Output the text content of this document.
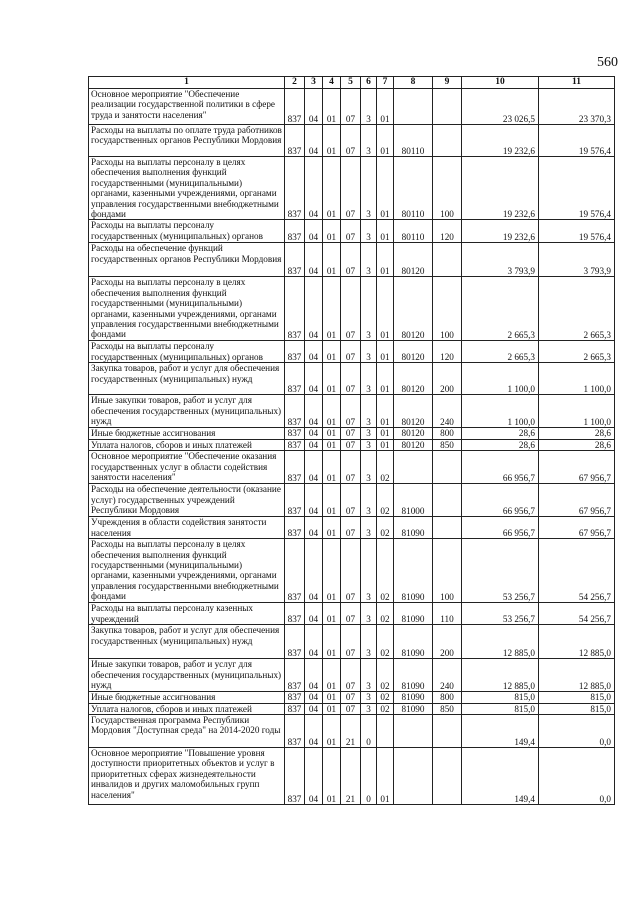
560
1	2	3	4	5	6	7	8	9	10	11
Основное мероприятие "Обеспечение реализации государственной политики в сфере труда и занятости населения"	837	04	01	07	3	01			23 026,5	23 370,3
Расходы на выплаты по оплате труда работников государственных органов Республики Мордовия	837	04	01	07	3	01	80110		19 232,6	19 576,4
Расходы на выплаты персоналу в целях обеспечения выполнения функций государственными (муниципальными) органами, казенными учреждениями, органами управления государственными внебюджетными фондами	837	04	01	07	3	01	80110	100	19 232,6	19 576,4
Расходы на выплаты персоналу государственных (муниципальных) органов	837	04	01	07	3	01	80110	120	19 232,6	19 576,4
Расходы на обеспечение функций государственных органов Республики Мордовия	837	04	01	07	3	01	80120		3 793,9	3 793,9
Расходы на выплаты персоналу в целях обеспечения выполнения функций государственными (муниципальными) органами, казенными учреждениями, органами управления государственными внебюджетными фондами	837	04	01	07	3	01	80120	100	2 665,3	2 665,3
Расходы на выплаты персоналу государственных (муниципальных) органов	837	04	01	07	3	01	80120	120	2 665,3	2 665,3
Закупка товаров, работ и услуг для обеспечения государственных (муниципальных) нужд	837	04	01	07	3	01	80120	200	1 100,0	1 100,0
Иные закупки товаров, работ и услуг для обеспечения государственных (муниципальных) нужд	837	04	01	07	3	01	80120	240	1 100,0	1 100,0
Иные бюджетные ассигнования	837	04	01	07	3	01	80120	800	28,6	28,6
Уплата налогов, сборов и иных платежей	837	04	01	07	3	01	80120	850	28,6	28,6
Основное мероприятие "Обеспечение оказания государственных услуг в области содействия занятости населения"	837	04	01	07	3	02			66 956,7	67 956,7
Расходы на обеспечение деятельности (оказание услуг) государственных учреждений Республики Мордовия	837	04	01	07	3	02	81000		66 956,7	67 956,7
Учреждения в области содействия занятости населения	837	04	01	07	3	02	81090		66 956,7	67 956,7
Расходы на выплаты персоналу в целях обеспечения выполнения функций государственными (муниципальными) органами, казенными учреждениями, органами управления государственными внебюджетными фондами	837	04	01	07	3	02	81090	100	53 256,7	54 256,7
Расходы на выплаты персоналу казенных учреждений	837	04	01	07	3	02	81090	110	53 256,7	54 256,7
Закупка товаров, работ и услуг для обеспечения государственных (муниципальных) нужд	837	04	01	07	3	02	81090	200	12 885,0	12 885,0
Иные закупки товаров, работ и услуг для обеспечения государственных (муниципальных) нужд	837	04	01	07	3	02	81090	240	12 885,0	12 885,0
Иные бюджетные ассигнования	837	04	01	07	3	02	81090	800	815,0	815,0
Уплата налогов, сборов и иных платежей	837	04	01	07	3	02	81090	850	815,0	815,0
Государственная программа Республики Мордовия "Доступная среда" на 2014-2020 годы	837	04	01	21	0				149,4	0,0
Основное мероприятие "Повышение уровня доступности приоритетных объектов и услуг в приоритетных сферах жизнедеятельности инвалидов и других маломобильных групп населения"	837	04	01	21	0	01			149,4	0,0
